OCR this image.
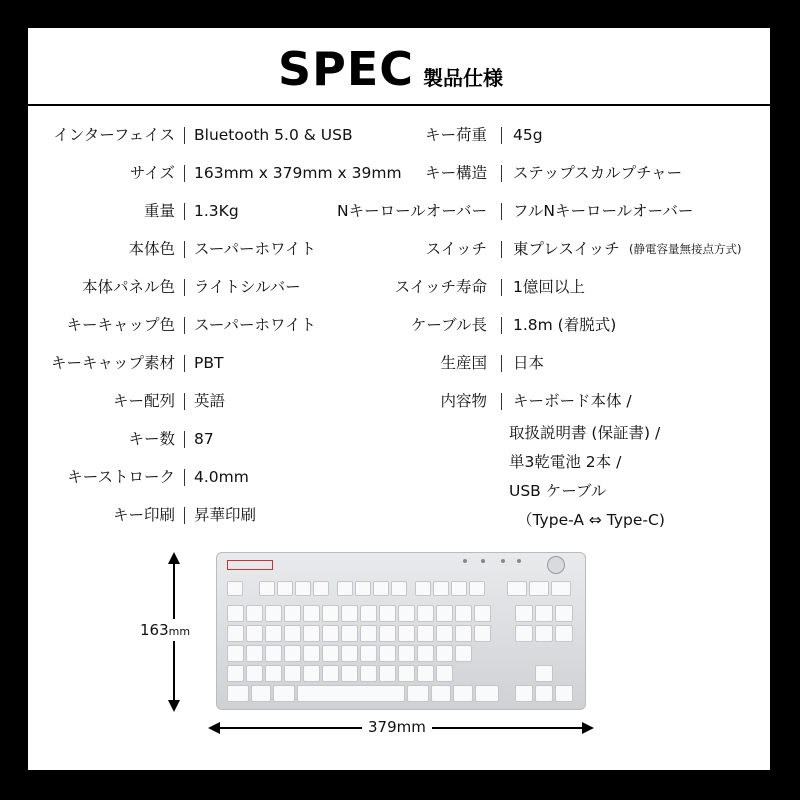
SPEC 製品仕様
インターフェイス Bluetooth 5.0 & USB
サイズ 163mm x 379mm x 39mm
重量 1.3Kg
本体色 スーパーホワイト
本体パネル色 ライトシルバー
キーキャップ色 スーパーホワイト
キーキャップ素材 PBT
キー配列 英語
キー数 87
キーストローク 4.0mm
キー印刷 昇華印刷
キー荷重 45g
キー構造 ステップスカルプチャー
Nキーロールオーバー フルNキーロールオーバー
スイッチ 東プレスイッチ (静電容量無接点方式)
スイッチ寿命 1億回以上
ケーブル長 1.8m (着脱式)
生産国 日本
内容物 キーボード本体 /
取扱説明書 (保証書) /
単3乾電池 2本 /
USB ケーブル
（Type-A ⇔ Type-C)
163mm
379mm
